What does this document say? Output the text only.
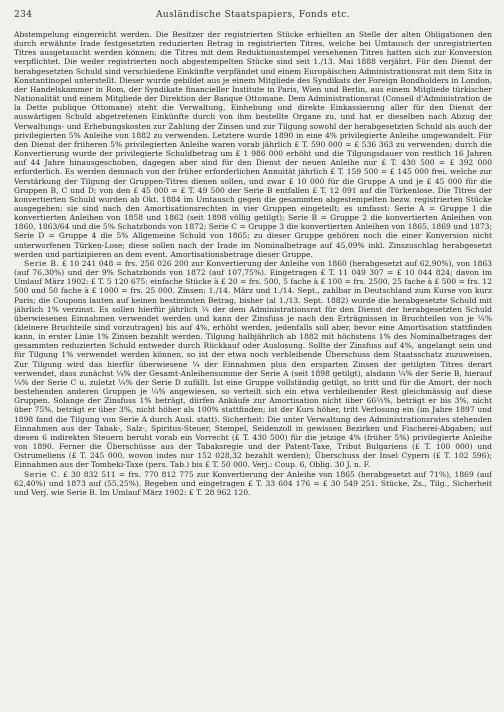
234	Ausländische Staatspapiers, Fonds etc.

Abstempelung eingereicht werden. Die Besitzer der registrierten Stücke erhielten an Stelle der alten Obligationen den durch erwähnte Irade festgesetzten reduzierten Betrag in registrierten Titres, welche bei Umtausch der unregistrierten Titres ausgetauscht werden können; die Titres mit dem Reduktionsstempel versehenen Titres hatten sich zur Konversion verpflichtet. Die weder registrierten noch abgestempelten Stücke sind seit 1./13. Mai 1888 verjährt. Für den Dienst der herabgesetzten Schuld sind verschiedene Einkünfte verpfändet und einem Europäischen Administrationsrat mit dem Sitz in Konstantinopel unterstellt. Dieser wurde gebildet aus je einem Mitgliede des Syndikats der Foreign Bondholders in London, der Handelskammer in Rom, der Syndikate financieller Institute in Paris, Wien und Berlin, aus einem Mitgliede türkischer Nationalität und einem Mitgliede der Direktion der Banque Ottomane. Dem Administrationsrat (Conseil d'Administration de la Dette publique Ottomane) steht die Verwaltung, Einhebung und direkte Einkassierung aller für den Dienst der auswärtigen Schuld abgetretenen Einkünfte durch von ihm bestellte Organe zu, und hat er dieselben nach Abzug der Verwaltungs- und Erhebungskosten zur Zahlung der Zinsen und zur Tilgung sowohl der herabgesetzten Schuld als auch der privilegierten 5% Anleihe von 1882 zu verwenden. Letztere wurde 1890 in eine 4% privilegierte Anleihe umgewandelt. Für den Dienst der früheren 5% privilegierten Anleihe waren vorab jährlich £ T. 590 000 = £ 536 363 zu verwenden; durch die Konvertierung wurde der privilegierte Schuldbetrag um £ 1 986 000 erhöht und die Tilgungsdauer von restlich 16 Jahren auf 44 Jahre hinausgeschoben, dagegen aber sind für den Dienst der neuen Anleihe nur £ T. 430 500 = £ 392 000 erforderlich. Es werden demnach von der früher erforderlichen Annuität jährlich £ T. 159 500 = £ 145 000 frei, welche zur Verstärkung der Tilgung der Gruppen-Titres dienen sollen, und zwar £ 10 000 für die Gruppe A und je £ 45 000 für die Gruppen B, C und D; von den £ 45 000 = £ T. 49 500 der Serie B entfallen £ T. 12 091 auf die Türkenlose. Die Titres der konvertierten Schuld wurden ab Okt. 1884 im Umtausch gegen die gesammten abgestempelten bezw. registrierten Stücke ausgegeben; sie sind nach den Amortisationsrechten in vier Gruppen eingeteilt; es umfasst: Serie A = Gruppe I die konvertierten Anleihen von 1858 und 1862 (seit 1898 völlig getilgt); Serie B = Gruppe 2 die konvertierten Anleihen von 1860, 1863/64 und die 5% Schatzbonds von 1872; Serie C = Gruppe 3 die konvertierten Anleihen von 1865, 1869 und 1873; Serie D = Gruppe 4 die 5% Allgemeine Schuld von 1865; zu dieser Gruppe gehören noch die einer Konversion nicht unterworfenen Türken-Lose; diese sollen nach der Irade im Nominalbetrage auf 45,09% inkl. Zinszuschlag herabgesetzt werden und partizipieren an dem event. Amortisationsbetrage dieser Gruppe.

Serie B. £ 10 241 048 = frs. 256 026 200 zur Konvertierung der Anleihe von 1860 (herabgesetzt auf 62,90%), von 1863 (auf 76,30%) und der 9% Schatzbonds von 1872 (auf 107,75%). Eingetragen £ T. 11 049 307 = £ 10 044 824; davon im Umlauf März 1902: £ T. 5 120 675: einfache Stücke à £ 20 = frs. 500, 5 fache à £ 100 = frs. 2500, 25 fache à £ 500 = frs. 12 500 und 50 fache à £ 1000 = frs. 25 000. Zinsen: 1./14. März und 1./14. Sept., zahlbar in Deutschland zum Kurse von kurz Paris; die Coupons lauten auf keinen bestimmten Betrag, bisher (al 1./13. Sept. 1882) wurde die herabgesetzte Schuld mit jährlich 1% verzinst. Es sollen hierfür jährlich ¼ der dem Administrationsrat für den Dienst der herabgesetzten Schuld überwiesenen Einnahmen verwendet werden und kann der Zinsfuss je nach den Erträgnissen in Bruchteilen von je ¼% (kleinere Bruchteile sind vorzutragen) bis auf 4%, erhöht werden, jedenfalls soll aber, bevor eine Amortisation stattfinden kann, in erster Linie 1% Zinsen bezahlt werden. Tilgung halbjährlich ab 1882 mit höchstens 1% des Nominalbetrages der gesammten reduzierten Schuld entweder durch Rückkauf oder Auslosung. Sollte der Zinsfuss auf 4%, angelangt sein und für Tilgung 1% verwendet werden können, so ist der etwa noch verbleibende Überschuss dem Staatsschatz zuzuweisen. Zur Tilgung wird das hierfür überwiesene ¼ der Einnahmen plus den ersparten Zinsen der getilgten Titres derart verwendet, dass zunächst ¼% der Gesamt-Anleihensumme der Serie A (seit 1898 getilgt), alsdann ¼% der Serie B, hierauf ¼% der Serie C u. zuletzt ¼% der Serie D zufällt. Ist eine Gruppe vollständig getilgt, so tritt und für die Amort. der noch bestehenden anderen Gruppen je ¼% angewiesen, so verteilt sich ein etwa verbleibender Rest gleichmässig auf diese Gruppen. Solange der Zinsfuss 1% beträgt, dürfen Ankäufe zur Amortisation nicht über 66⅔%, beträgt er bis 3%, nicht über 75%, beträgt er über 3%, nicht höher als 100% stattfinden; ist der Kurs höher, tritt Verlosung ein (im Jahre 1897 und 1898 fand die Tilgung von Serie A durch Ausl. statt). Sicherheit: Die unter Verwaltung des Administrationsrates stehenden Einnahmen aus der Tabak-, Salz-, Spiritus-Steuer, Stempel, Seidenzoll in gewissen Bezirken und Fischerei-Abgaben; auf diesen 6 indirekten Steuern beruht vorab ein Vorrecht (£ T. 430 500) für die jetzige 4% (früher 5%) privilegierte Anleihe von 1890. Ferner die Überschüsse aus der Tabaksregie und der Patent-Taxe, Tribut Bulgariens (£ T. 100 000) und Ostrumeliens (£ T. 245 000, wovon indes nur 152 028,32 bezahlt werden); Überschuss der Insel Cypern (£ T. 102 596); Einnahmen aus der Tombeki-Taxe (pers. Tab.) bis £ T. 50 000. Verj.: Coup. 6, Oblig. 30 J. n. F.

Serie C. £ 30 832 511 = frs. 770 812 775 zur Konvertierung der Anleihe von 1865 (herabgesetzt auf 71%), 1869 (auf 62,40%) und 1873 auf (55,25%). Begeben und eingetragen £ T. 33 604 176 = £ 30 549 251. Stücke, Zs., Tilg., Sicherheit und Verj. wie Serie B. Im Umlauf März 1902: £ T. 28 962 120.
